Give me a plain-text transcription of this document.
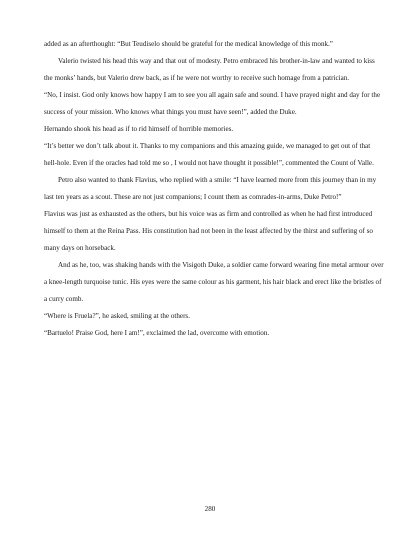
added as an afterthought: “But Teudiselo should be grateful for the medical knowledge of this monk.”

Valerio twisted his head this way and that out of modesty. Petro embraced his brother-in-law and wanted to kiss the monks’ hands, but Valerio drew back, as if he were not worthy to receive such homage from a patrician.

“No, I insist. God only knows how happy I am to see you all again safe and sound. I have prayed night and day for the success of your mission. Who knows what things you must have seen!”, added the Duke.

Hernando shook his head as if to rid himself of horrible memories.

“It’s better we don’t talk about it. Thanks to my companions and this amazing guide, we managed to get out of that hell-hole. Even if the oracles had told me so , I would not have thought it possible!”, commented the Count of Valle.

Petro also wanted to thank Flavius, who replied with a smile: “I have learned more from this journey than in my last ten years as a scout. These are not just companions; I count them as comrades-in-arms, Duke Petro!”

Flavius was just as exhausted as the others, but his voice was as firm and controlled as when he had first introduced himself to them at the Reina Pass. His constitution had not been in the least affected by the thirst and suffering of so many days on horseback.

And as he, too, was shaking hands with the Visigoth Duke, a soldier came forward wearing fine metal armour over a knee-length turquoise tunic. His eyes were the same colour as his garment, his hair black and erect like the bristles of a curry comb.

“Where is Fruela?”, he asked, smiling at the others.

“Bartuelo! Praise God, here I am!”, exclaimed the lad, overcome with emotion.

280
